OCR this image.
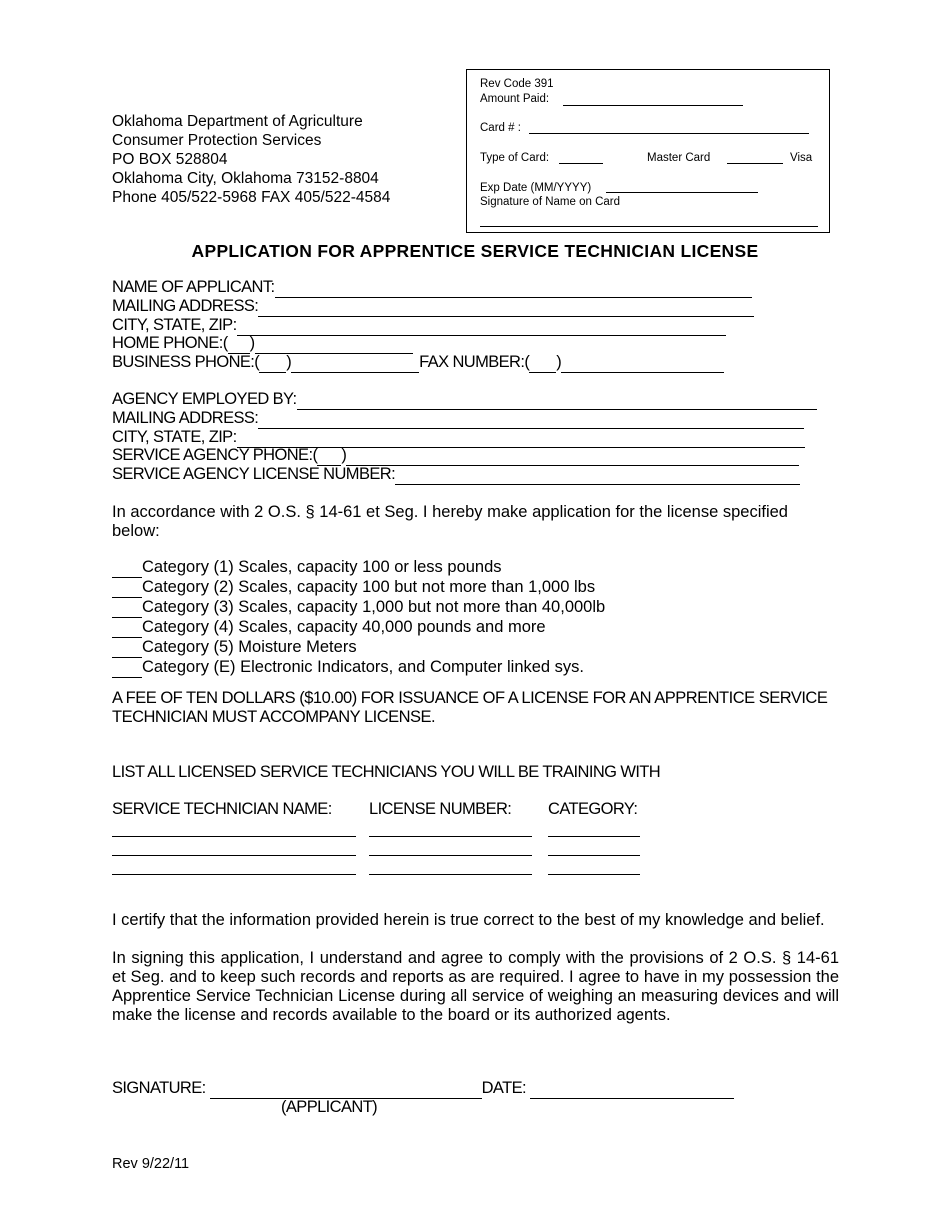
Oklahoma Department of Agriculture
Consumer Protection Services
PO BOX 528804
Oklahoma City, Oklahoma 73152-8804
Phone 405/522-5968 FAX 405/522-4584
Rev Code 391
Amount Paid:
Card # :
Type of Card:	Master Card	Visa
Exp Date (MM/YYYY)
Signature of Name on Card
APPLICATION FOR APPRENTICE SERVICE TECHNICIAN LICENSE
NAME OF APPLICANT:
MAILING ADDRESS:
CITY, STATE, ZIP:
HOME PHONE:( )
BUSINESS PHONE:( )	FAX NUMBER:( )
AGENCY EMPLOYED BY:
MAILING ADDRESS:
CITY, STATE, ZIP:
SERVICE AGENCY PHONE:( )
SERVICE AGENCY LICENSE NUMBER:
In accordance with 2 O.S. § 14-61 et Seg. I hereby make application for the license specified below:
Category (1) Scales, capacity 100 or less pounds
Category (2) Scales, capacity 100 but not more than 1,000 lbs
Category (3) Scales, capacity 1,000 but not more than 40,000lb
Category (4) Scales, capacity 40,000 pounds and more
Category (5) Moisture Meters
Category (E) Electronic Indicators, and Computer linked sys.
A FEE OF TEN DOLLARS ($10.00) FOR ISSUANCE OF A LICENSE FOR AN APPRENTICE SERVICE TECHNICIAN MUST ACCOMPANY LICENSE.
LIST ALL LICENSED SERVICE TECHNICIANS YOU WILL BE TRAINING WITH
SERVICE TECHNICIAN NAME: LICENSE NUMBER: CATEGORY:
I certify that the information provided herein is true correct to the best of my knowledge and belief.
In signing this application, I understand and agree to comply with the provisions of 2 O.S. § 14-61 et Seg. and to keep such records and reports as are required. I agree to have in my possession the Apprentice Service Technician License during all service of weighing an measuring devices and will make the license and records available to the board or its authorized agents.
SIGNATURE:	DATE:
(APPLICANT)
Rev 9/22/11
